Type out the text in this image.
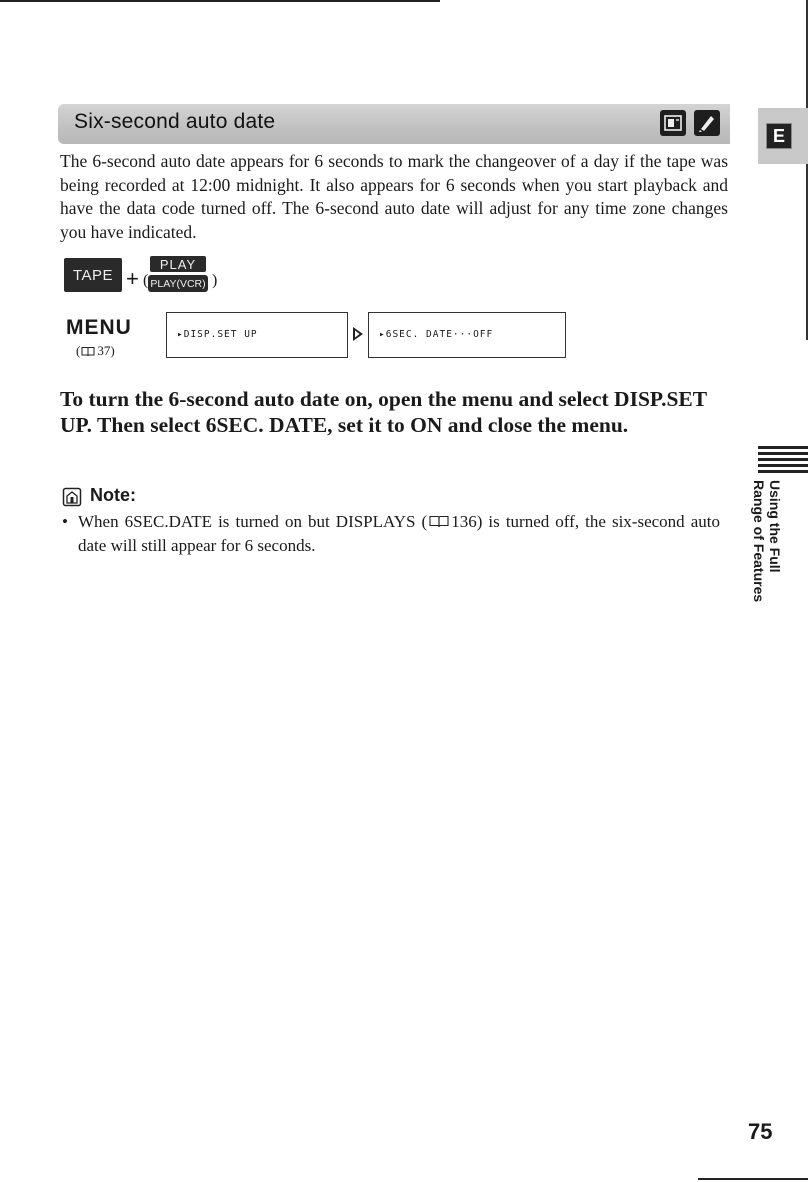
Six-second auto date
E

The 6-second auto date appears for 6 seconds to mark the changeover of a day if the tape was being recorded at 12:00 midnight. It also appears for 6 seconds when you start playback and have the data code turned off. The 6-second auto date will adjust for any time zone changes you have indicated.

TAPE + (
PLAY
PLAY(VCR) )
MENU
( 37)
▸DISP.SET UP	▸6SEC. DATE···OFF

To turn the 6-second auto date on, open the menu and select DISP.SET UP. Then select 6SEC. DATE, set it to ON and close the menu.

Note:
• When 6SEC.DATE is turned on but DISPLAYS ( 136) is turned off, the six-second auto date will still appear for 6 seconds.	Using the Full
Range of Features
75
